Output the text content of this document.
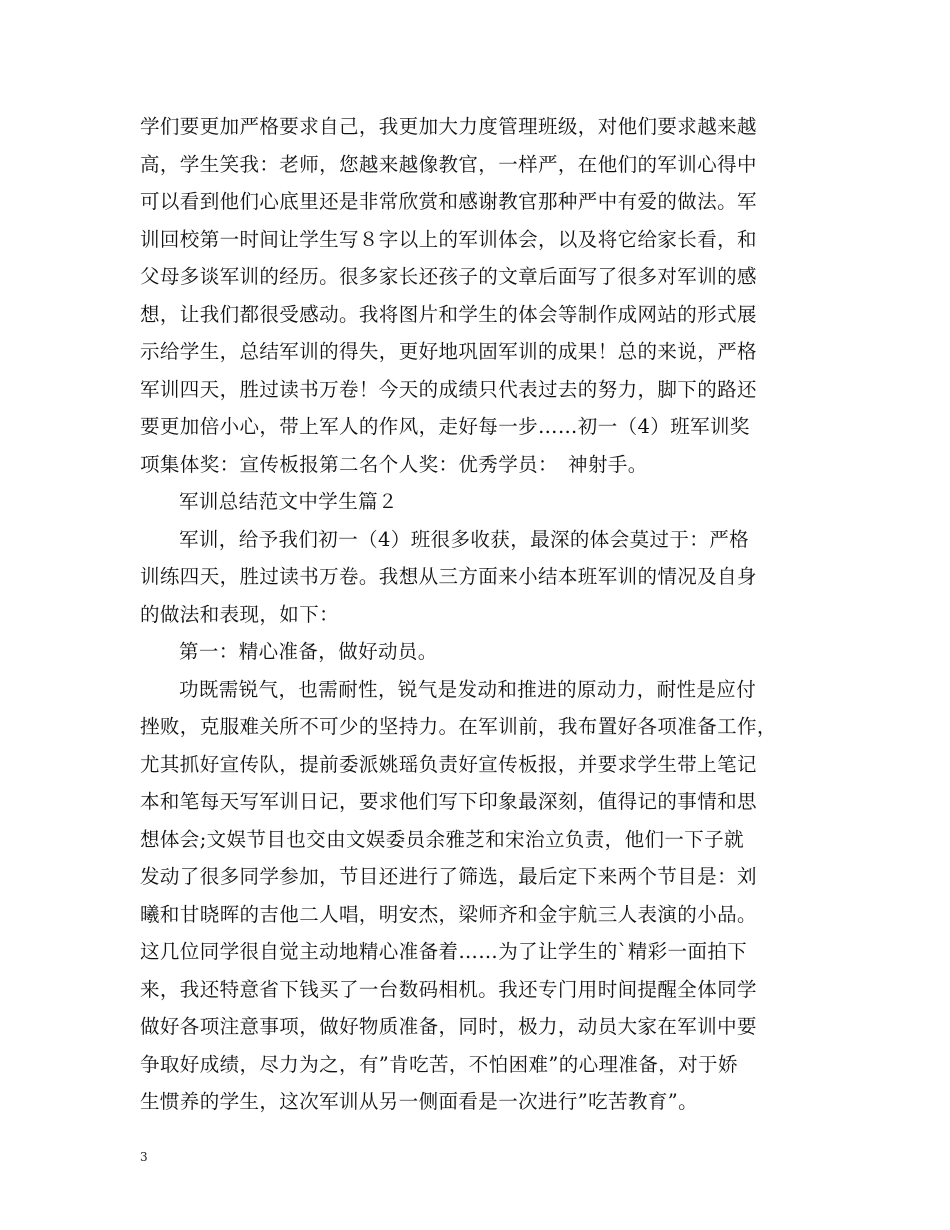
学们要更加严格要求自己，我更加大力度管理班级，对他们要求越来越
高，学生笑我：老师，您越来越像教官，一样严，在他们的军训心得中
可以看到他们心底里还是非常欣赏和感谢教官那种严中有爱的做法。军
训回校第一时间让学生写８字以上的军训体会，以及将它给家长看，和
父母多谈军训的经历。很多家长还孩子的文章后面写了很多对军训的感
想，让我们都很受感动。我将图片和学生的体会等制作成网站的形式展
示给学生，总结军训的得失，更好地巩固军训的成果！总的来说，严格
军训四天，胜过读书万卷！今天的成绩只代表过去的努力，脚下的路还
要更加倍小心，带上军人的作风，走好每一步……初一（4）班军训奖
项集体奖：宣传板报第二名个人奖：优秀学员：　神射手。
军训总结范文中学生篇２
军训，给予我们初一（4）班很多收获，最深的体会莫过于：严格
训练四天，胜过读书万卷。我想从三方面来小结本班军训的情况及自身
的做法和表现，如下：
第一：精心准备，做好动员。
功既需锐气，也需耐性，锐气是发动和推进的原动力，耐性是应付
挫败，克服难关所不可少的坚持力。在军训前，我布置好各项准备工作，
尤其抓好宣传队，提前委派姚瑶负责好宣传板报，并要求学生带上笔记
本和笔每天写军训日记，要求他们写下印象最深刻，值得记的事情和思
想体会;文娱节目也交由文娱委员余雅芝和宋治立负责，他们一下子就
发动了很多同学参加，节目还进行了筛选，最后定下来两个节目是：刘
曦和甘晓晖的吉他二人唱，明安杰，梁师齐和金宇航三人表演的小品。
这几位同学很自觉主动地精心准备着……为了让学生的`精彩一面拍下
来，我还特意省下钱买了一台数码相机。我还专门用时间提醒全体同学
做好各项注意事项，做好物质准备，同时，极力，动员大家在军训中要
争取好成绩，尽力为之，有”肯吃苦，不怕困难”的心理准备，对于娇
生惯养的学生，这次军训从另一侧面看是一次进行”吃苦教育”。
3
